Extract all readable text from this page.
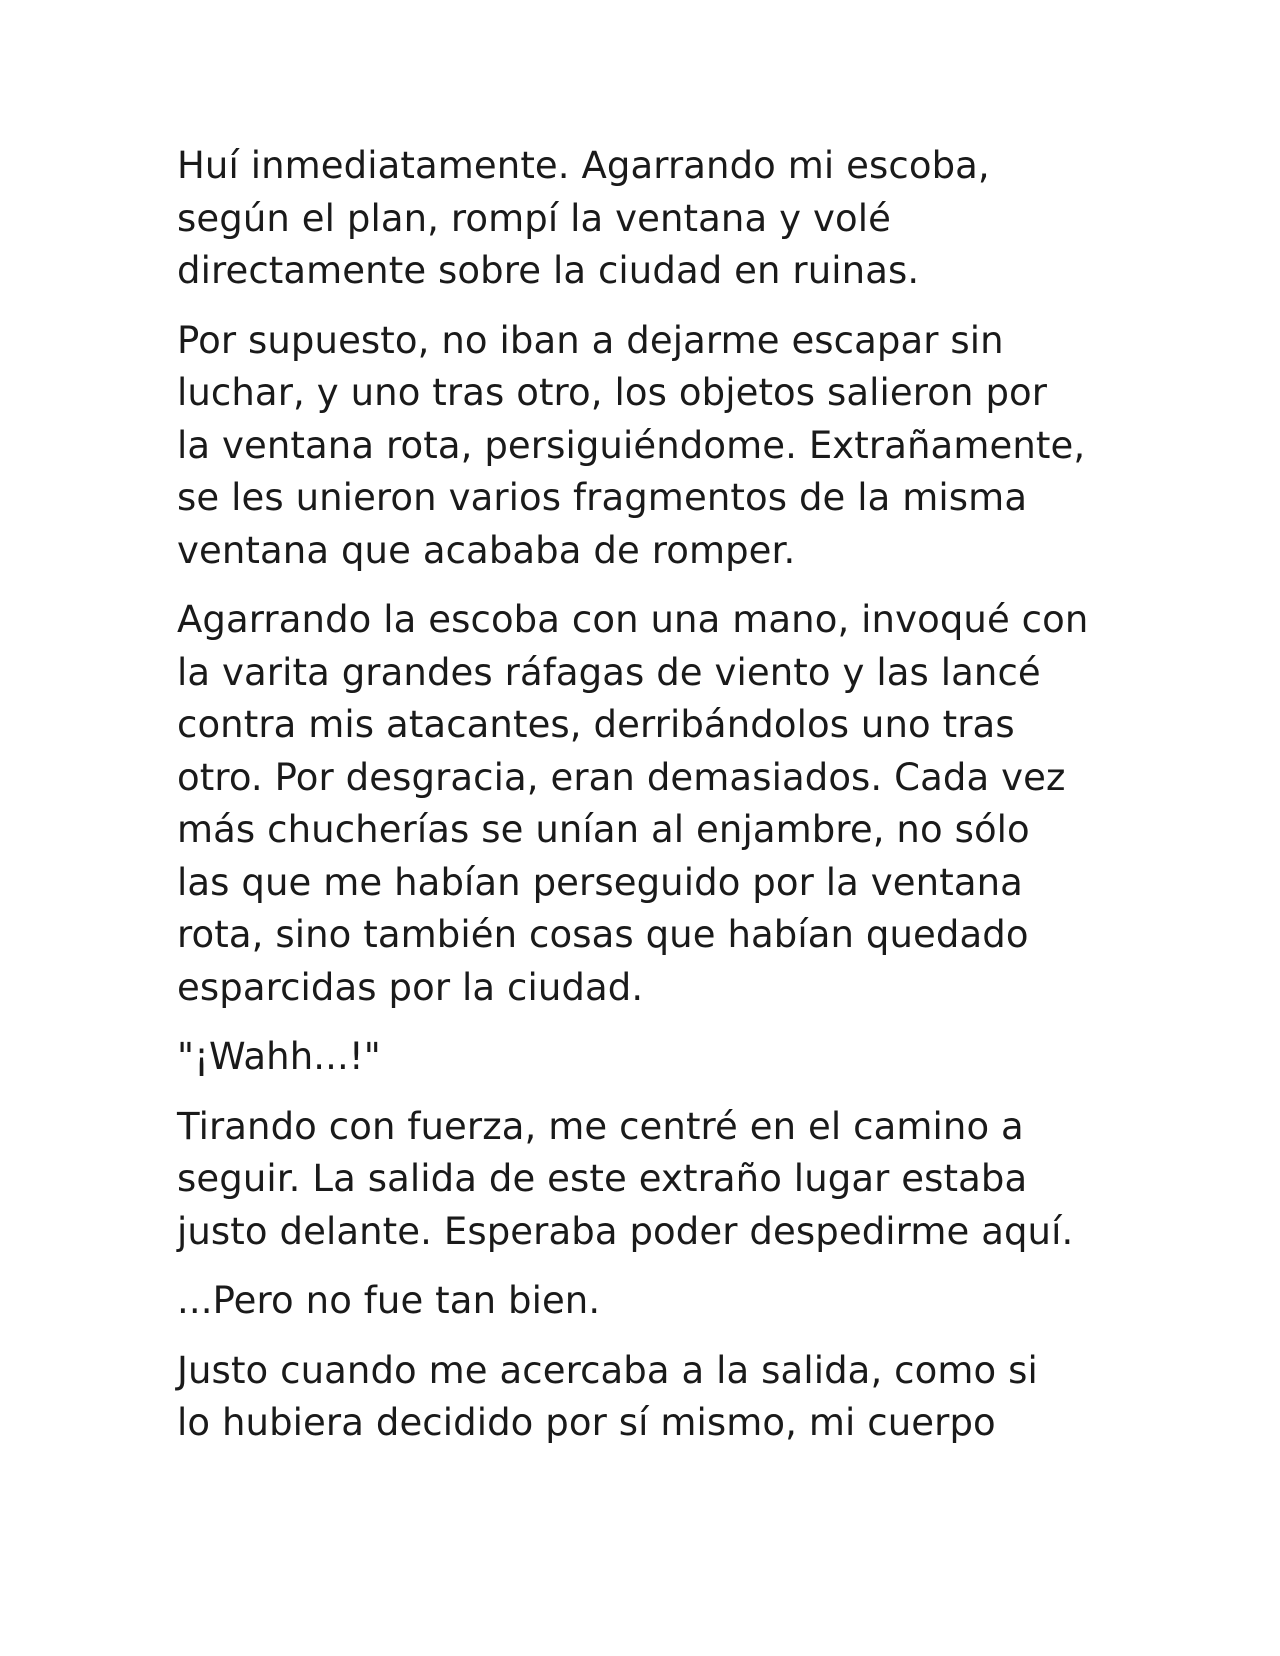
Huí inmediatamente. Agarrando mi escoba,
según el plan, rompí la ventana y volé
directamente sobre la ciudad en ruinas.

Por supuesto, no iban a dejarme escapar sin
luchar, y uno tras otro, los objetos salieron por
la ventana rota, persiguiéndome. Extrañamente,
se les unieron varios fragmentos de la misma
ventana que acababa de romper.

Agarrando la escoba con una mano, invoqué con
la varita grandes ráfagas de viento y las lancé
contra mis atacantes, derribándolos uno tras
otro. Por desgracia, eran demasiados. Cada vez
más chucherías se unían al enjambre, no sólo
las que me habían perseguido por la ventana
rota, sino también cosas que habían quedado
esparcidas por la ciudad.

"¡Wahh...!"

Tirando con fuerza, me centré en el camino a
seguir. La salida de este extraño lugar estaba
justo delante. Esperaba poder despedirme aquí.

...Pero no fue tan bien.

Justo cuando me acercaba a la salida, como si
lo hubiera decidido por sí mismo, mi cuerpo
